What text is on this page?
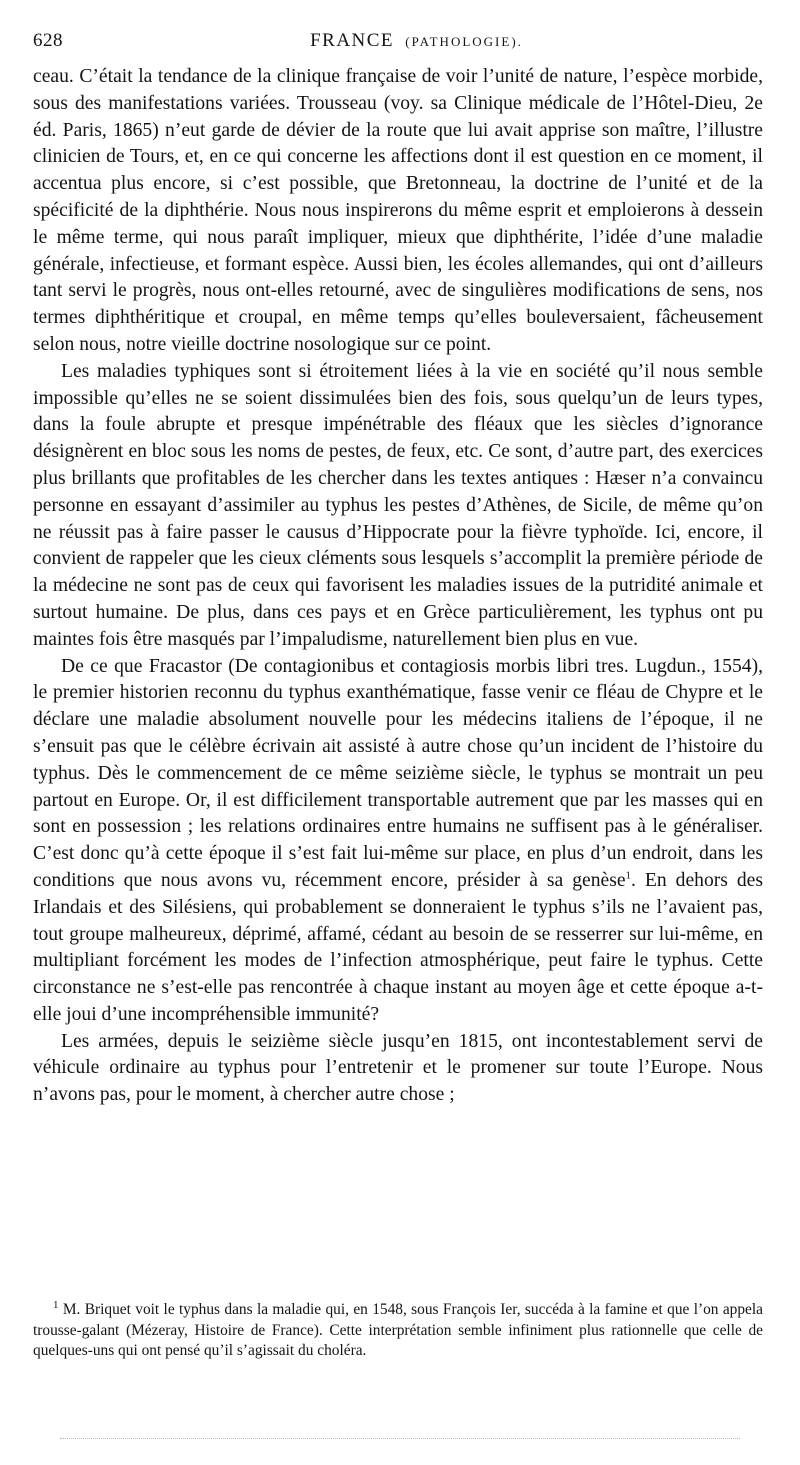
628	FRANCE (PATHOLOGIE).

ceau. C’était la tendance de la clinique française de voir l’unité de nature, l’espèce morbide, sous des manifestations variées. Trousseau (voy. sa Clinique médicale de l’Hôtel-Dieu, 2e éd. Paris, 1865) n’eut garde de dévier de la route que lui avait apprise son maître, l’illustre clinicien de Tours, et, en ce qui concerne les affections dont il est question en ce moment, il accentua plus encore, si c’est possible, que Bretonneau, la doctrine de l’unité et de la spécificité de la diphthérie. Nous nous inspirerons du même esprit et emploierons à dessein le même terme, qui nous paraît impliquer, mieux que diphthérite, l’idée d’une maladie générale, infectieuse, et formant espèce. Aussi bien, les écoles allemandes, qui ont d’ailleurs tant servi le progrès, nous ont-elles retourné, avec de singulières modifications de sens, nos termes diphthéritique et croupal, en même temps qu’elles bouleversaient, fâcheusement selon nous, notre vieille doctrine nosologique sur ce point.

Les maladies typhiques sont si étroitement liées à la vie en société qu’il nous semble impossible qu’elles ne se soient dissimulées bien des fois, sous quelqu’un de leurs types, dans la foule abrupte et presque impénétrable des fléaux que les siècles d’ignorance désignèrent en bloc sous les noms de pestes, de feux, etc. Ce sont, d’autre part, des exercices plus brillants que profitables de les chercher dans les textes antiques : Hæser n’a convaincu personne en essayant d’assimiler au typhus les pestes d’Athènes, de Sicile, de même qu’on ne réussit pas à faire passer le causus d’Hippocrate pour la fièvre typhoïde. Ici, encore, il convient de rappeler que les cieux cléments sous lesquels s’accomplit la première période de la médecine ne sont pas de ceux qui favorisent les maladies issues de la putridité animale et surtout humaine. De plus, dans ces pays et en Grèce particulièrement, les typhus ont pu maintes fois être masqués par l’impaludisme, naturellement bien plus en vue.

De ce que Fracastor (De contagionibus et contagiosis morbis libri tres. Lugdun., 1554), le premier historien reconnu du typhus exanthématique, fasse venir ce fléau de Chypre et le déclare une maladie absolument nouvelle pour les médecins italiens de l’époque, il ne s’ensuit pas que le célèbre écrivain ait assisté à autre chose qu’un incident de l’histoire du typhus. Dès le commencement de ce même seizième siècle, le typhus se montrait un peu partout en Europe. Or, il est difficilement transportable autrement que par les masses qui en sont en possession ; les relations ordinaires entre humains ne suffisent pas à le généraliser. C’est donc qu’à cette époque il s’est fait lui-même sur place, en plus d’un endroit, dans les conditions que nous avons vu, récemment encore, présider à sa genèse$^1$. En dehors des Irlandais et des Silésiens, qui probablement se donneraient le typhus s’ils ne l’avaient pas, tout groupe malheureux, déprimé, affamé, cédant au besoin de se resserrer sur lui-même, en multipliant forcément les modes de l’infection atmosphérique, peut faire le typhus. Cette circonstance ne s’est-elle pas rencontrée à chaque instant au moyen âge et cette époque a-t-elle joui d’une incompréhensible immunité?

Les armées, depuis le seizième siècle jusqu’en 1815, ont incontestablement servi de véhicule ordinaire au typhus pour l’entretenir et le promener sur toute l’Europe. Nous n’avons pas, pour le moment, à chercher autre chose ;

$^1$ M. Briquet voit le typhus dans la maladie qui, en 1548, sous François Ier, succéda à la famine et que l’on appela trousse-galant (Mézeray, Histoire de France). Cette interprétation semble infiniment plus rationnelle que celle de quelques-uns qui ont pensé qu’il s’agissait du choléra.
